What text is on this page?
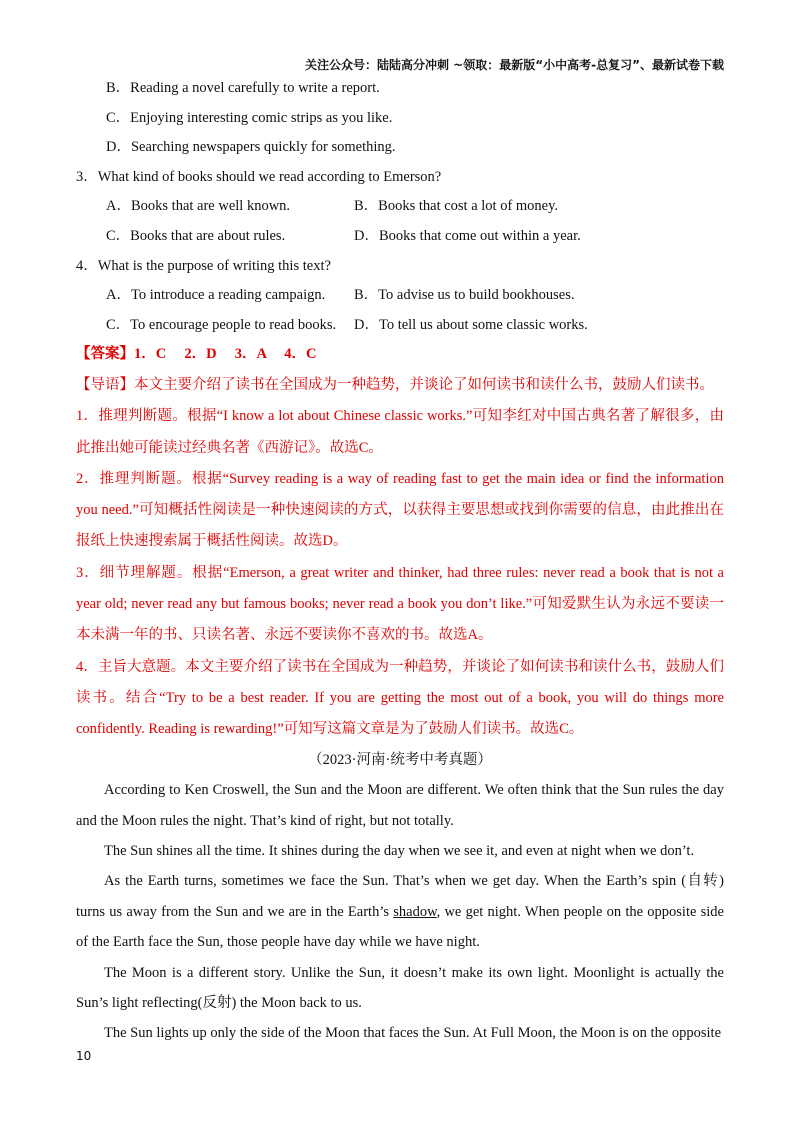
关注公众号：陆陆高分冲刺 ~领取：最新版“小中高考-总复习”、最新试卷下载
B．Reading a novel carefully to write a report.
C．Enjoying interesting comic strips as you like.
D．Searching newspapers quickly for something.
3．What kind of books should we read according to Emerson?
A．Books that are well known.	B．Books that cost a lot of money.
C．Books that are about rules.	D．Books that come out within a year.
4．What is the purpose of writing this text?
A．To introduce a reading campaign.	B．To advise us to build bookhouses.
C．To encourage people to read books.	D．To tell us about some classic works.
【答案】1．C　 2．D　 3．A　 4．C
【导语】本文主要介绍了读书在全国成为一种趋势，并谈论了如何读书和读什么书，鼓励人们读书。
1．推理判断题。根据“I know a lot about Chinese classic works.”可知李红对中国古典名著了解很多，由此推出她可能读过经典名著《西游记》。故选C。
2．推理判断题。根据“Survey reading is a way of reading fast to get the main idea or find the information you need.”可知概括性阅读是一种快速阅读的方式，以获得主要思想或找到你需要的信息，由此推出在报纸上快速搜索属于概括性阅读。故选D。
3．细节理解题。根据“Emerson, a great writer and thinker, had three rules: never read a book that is not a year old; never read any but famous books; never read a book you don’t like.”可知爱默生认为永远不要读一本未满一年的书、只读名著、永远不要读你不喜欢的书。故选A。
4．主旨大意题。本文主要介绍了读书在全国成为一种趋势，并谈论了如何读书和读什么书，鼓励人们读书。结合“Try to be a best reader. If you are getting the most out of a book, you will do things more confidently. Reading is rewarding!”可知写这篇文章是为了鼓励人们读书。故选C。
（2023·河南·统考中考真题）
According to Ken Croswell, the Sun and the Moon are different. We often think that the Sun rules the day and the Moon rules the night. That’s kind of right, but not totally.
The Sun shines all the time. It shines during the day when we see it, and even at night when we don’t.
As the Earth turns, sometimes we face the Sun. That’s when we get day. When the Earth’s spin (自转) turns us away from the Sun and we are in the Earth’s shadow, we get night. When people on the opposite side of the Earth face the Sun, those people have day while we have night.
The Moon is a different story. Unlike the Sun, it doesn’t make its own light. Moonlight is actually the Sun’s light reflecting(反射) the Moon back to us.
The Sun lights up only the side of the Moon that faces the Sun. At Full Moon, the Moon is on the opposite
10
